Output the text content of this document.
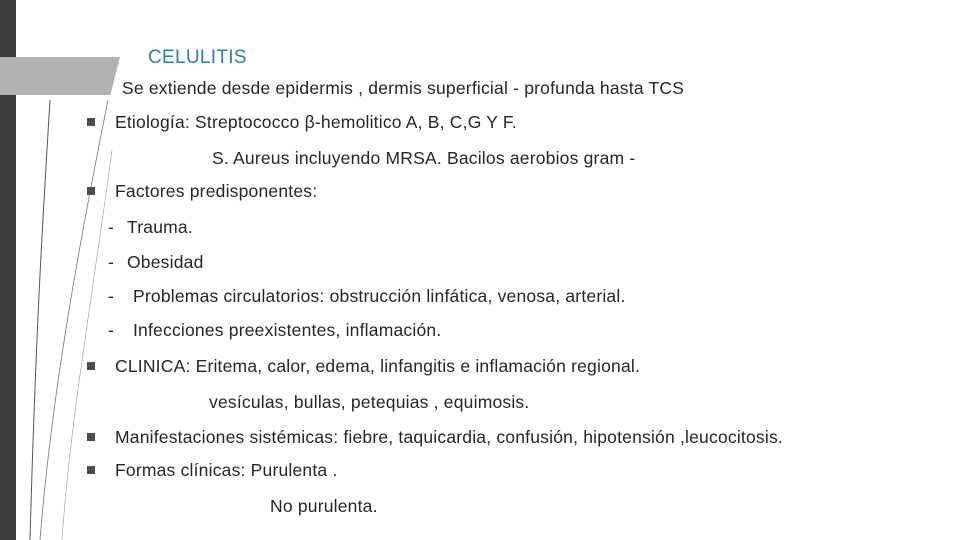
CELULITIS
Se extiende desde epidermis , dermis superficial - profunda hasta TCS
Etiología: Streptococco β-hemolitico A, B, C,G Y F.
S. Aureus incluyendo MRSA. Bacilos aerobios gram -
Factores predisponentes:
- Trauma.
- Obesidad
- Problemas circulatorios: obstrucción linfática, venosa, arterial.
- Infecciones preexistentes, inflamación.
CLINICA: Eritema, calor, edema, linfangitis e inflamación regional.
vesículas, bullas, petequias , equimosis.
Manifestaciones sistémicas: fiebre, taquicardia, confusión, hipotensión ,leucocitosis.
Formas clínicas: Purulenta .
No purulenta.
